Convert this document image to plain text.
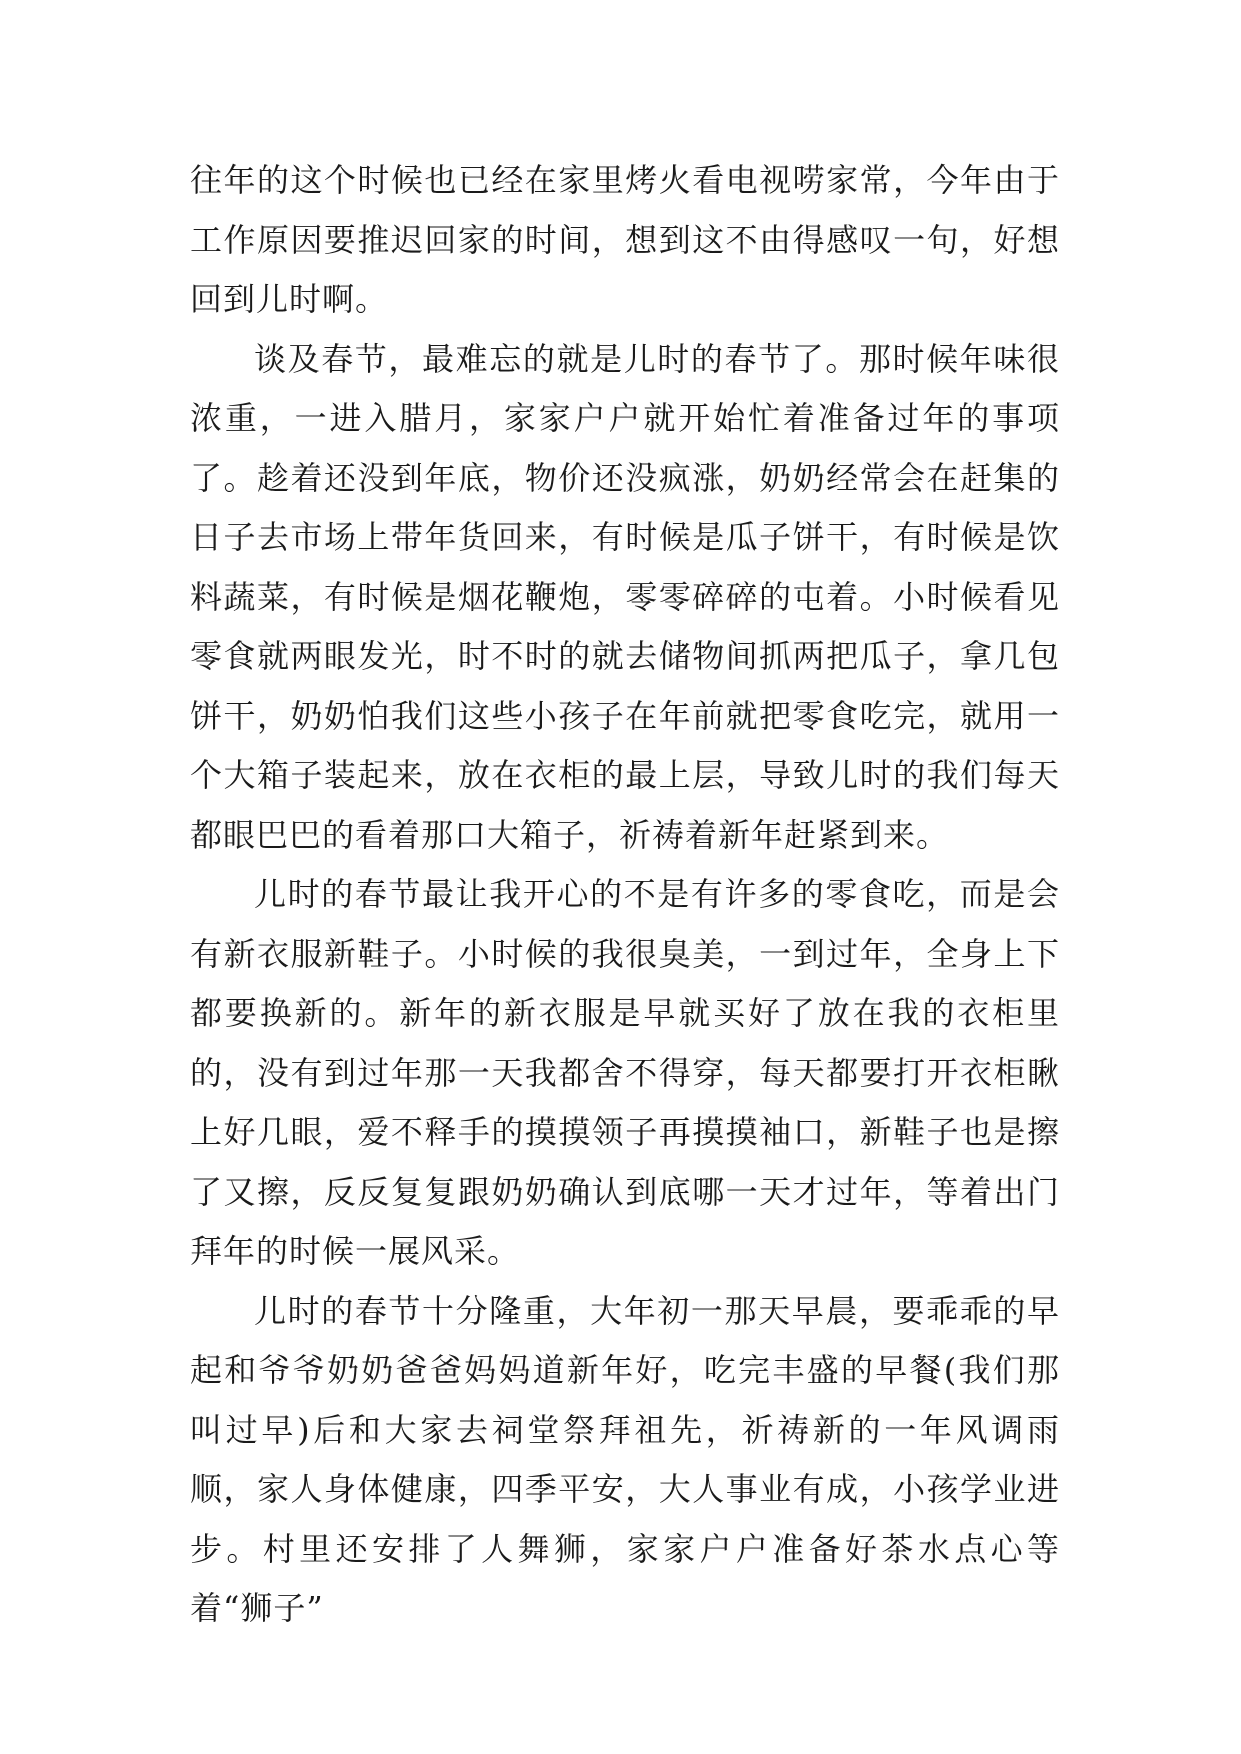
往年的这个时候也已经在家里烤火看电视唠家常，今年由于工作原因要推迟回家的时间，想到这不由得感叹一句，好想回到儿时啊。

谈及春节，最难忘的就是儿时的春节了。那时候年味很浓重，一进入腊月，家家户户就开始忙着准备过年的事项了。趁着还没到年底，物价还没疯涨，奶奶经常会在赶集的日子去市场上带年货回来，有时候是瓜子饼干，有时候是饮料蔬菜，有时候是烟花鞭炮，零零碎碎的屯着。小时候看见零食就两眼发光，时不时的就去储物间抓两把瓜子，拿几包饼干，奶奶怕我们这些小孩子在年前就把零食吃完，就用一个大箱子装起来，放在衣柜的最上层，导致儿时的我们每天都眼巴巴的看着那口大箱子，祈祷着新年赶紧到来。

儿时的春节最让我开心的不是有许多的零食吃，而是会有新衣服新鞋子。小时候的我很臭美，一到过年，全身上下都要换新的。新年的新衣服是早就买好了放在我的衣柜里的，没有到过年那一天我都舍不得穿，每天都要打开衣柜瞅上好几眼，爱不释手的摸摸领子再摸摸袖口，新鞋子也是擦了又擦，反反复复跟奶奶确认到底哪一天才过年，等着出门拜年的时候一展风采。

儿时的春节十分隆重，大年初一那天早晨，要乖乖的早起和爷爷奶奶爸爸妈妈道新年好，吃完丰盛的早餐(我们那叫过早)后和大家去祠堂祭拜祖先，祈祷新的一年风调雨顺，家人身体健康，四季平安，大人事业有成，小孩学业进步。村里还安排了人舞狮，家家户户准备好茶水点心等着“狮子”
